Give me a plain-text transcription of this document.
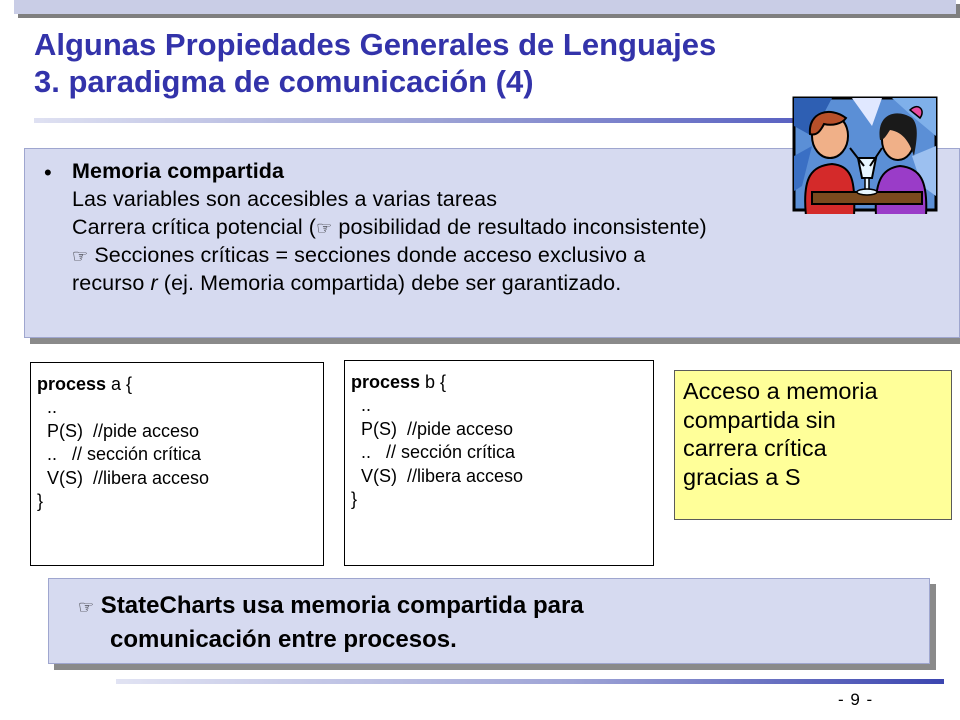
Algunas Propiedades Generales de Lenguajes
3. paradigma de comunicación (4)
• Memoria compartida
Las variables son accesibles a varias tareas
Carrera crítica potencial (☞ posibilidad de resultado inconsistente)
☞ Secciones críticas = secciones donde acceso exclusivo a
recurso r (ej. Memoria compartida) debe ser garantizado.
process a {
..
P(S)  //pide acceso
..   // sección crítica
V(S)  //libera acceso
}
process b {
..
P(S)  //pide acceso
..   // sección crítica
V(S)  //libera acceso
}
Acceso a memoria
compartida sin
carrera crítica
gracias a S
☞ StateCharts usa memoria compartida para
comunicación entre procesos.
- 9 -
